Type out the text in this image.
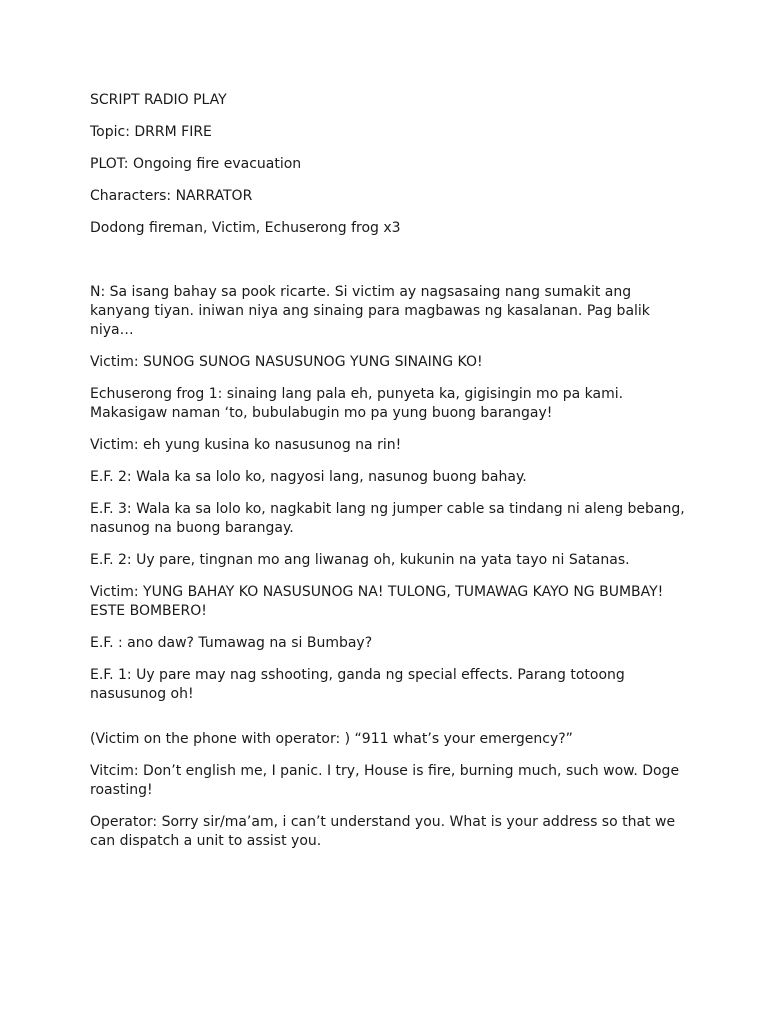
SCRIPT RADIO PLAY

Topic: DRRM FIRE

PLOT: Ongoing fire evacuation

Characters: NARRATOR

Dodong fireman, Victim, Echuserong frog x3

N: Sa isang bahay sa pook ricarte. Si victim ay nagsasaing nang sumakit ang kanyang tiyan. iniwan niya ang sinaing para magbawas ng kasalanan. Pag balik niya…

Victim: SUNOG SUNOG NASUSUNOG YUNG SINAING KO!

Echuserong frog 1: sinaing lang pala eh, punyeta ka, gigisingin mo pa kami. Makasigaw naman ‘to, bubulabugin mo pa yung buong barangay!

Victim: eh yung kusina ko nasusunog na rin!

E.F. 2: Wala ka sa lolo ko, nagyosi lang, nasunog buong bahay.

E.F. 3: Wala ka sa lolo ko, nagkabit lang ng jumper cable sa tindang ni aleng bebang, nasunog na buong barangay.

E.F. 2: Uy pare, tingnan mo ang liwanag oh, kukunin na yata tayo ni Satanas.

Victim: YUNG BAHAY KO NASUSUNOG NA! TULONG, TUMAWAG KAYO NG BUMBAY! ESTE BOMBERO!

E.F. : ano daw? Tumawag na si Bumbay?

E.F. 1: Uy pare may nag sshooting, ganda ng special effects. Parang totoong nasusunog oh!

(Victim on the phone with operator: ) “911 what’s your emergency?”

Vitcim: Don’t english me, I panic. I try, House is fire, burning much, such wow. Doge roasting!

Operator: Sorry sir/ma’am, i can’t understand you. What is your address so that we can dispatch a unit to assist you.
